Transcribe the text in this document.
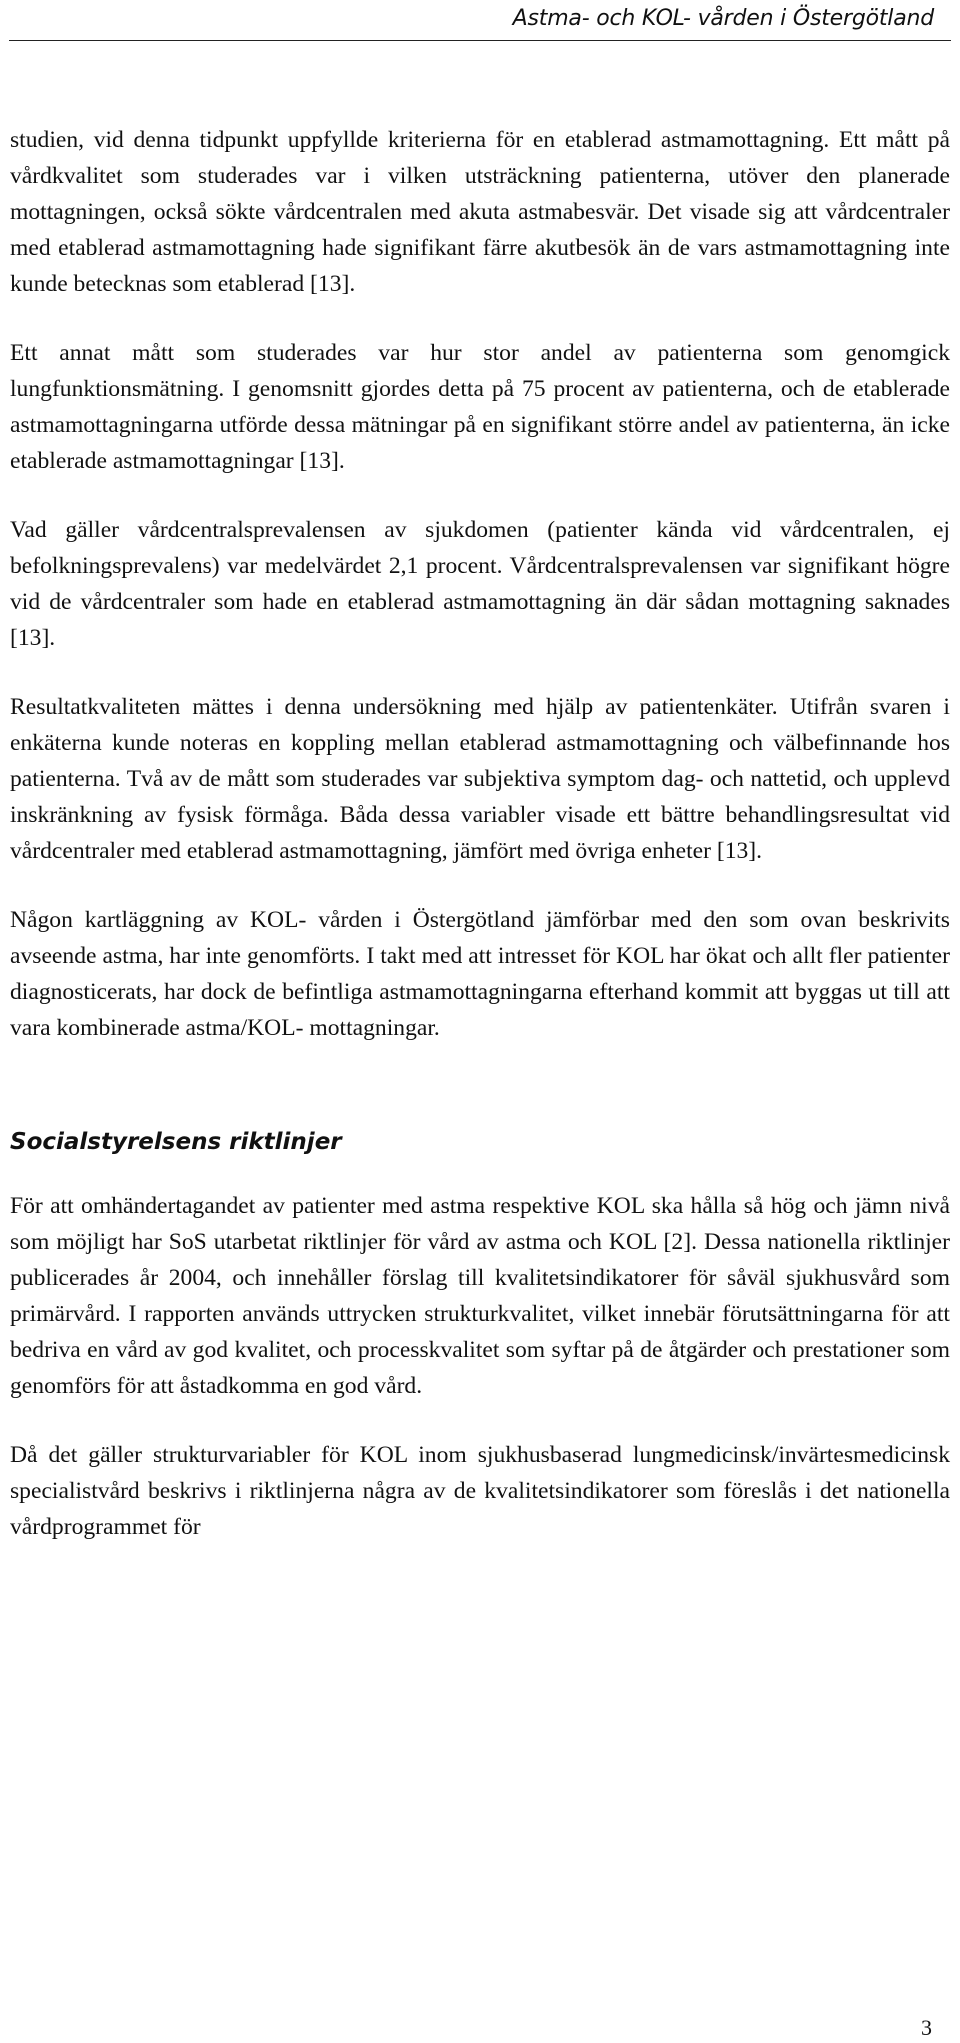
Astma- och KOL- vården i Östergötland

studien, vid denna tidpunkt uppfyllde kriterierna för en etablerad astmamottagning. Ett mått på vårdkvalitet som studerades var i vilken utsträckning patienterna, utöver den planerade mottagningen, också sökte vårdcentralen med akuta astmabesvär. Det visade sig att vårdcentraler med etablerad astmamottagning hade signifikant färre akutbesök än de vars astmamottagning inte kunde betecknas som etablerad [13].

Ett annat mått som studerades var hur stor andel av patienterna som genomgick lungfunktionsmätning. I genomsnitt gjordes detta på 75 procent av patienterna, och de etablerade astmamottagningarna utförde dessa mätningar på en signifikant större andel av patienterna, än icke etablerade astmamottagningar [13].

Vad gäller vårdcentralsprevalensen av sjukdomen (patienter kända vid vårdcentralen, ej befolkningsprevalens) var medelvärdet 2,1 procent. Vårdcentralsprevalensen var signifikant högre vid de vårdcentraler som hade en etablerad astmamottagning än där sådan mottagning saknades [13].

Resultatkvaliteten mättes i denna undersökning med hjälp av patientenkäter. Utifrån svaren i enkäterna kunde noteras en koppling mellan etablerad astmamottagning och välbefinnande hos patienterna. Två av de mått som studerades var subjektiva symptom dag- och nattetid, och upplevd inskränkning av fysisk förmåga. Båda dessa variabler visade ett bättre behandlingsresultat vid vårdcentraler med etablerad astmamottagning, jämfört med övriga enheter [13].

Någon kartläggning av KOL- vården i Östergötland jämförbar med den som ovan beskrivits avseende astma, har inte genomförts. I takt med att intresset för KOL har ökat och allt fler patienter diagnosticerats, har dock de befintliga astmamottagningarna efterhand kommit att byggas ut till att vara kombinerade astma/KOL- mottagningar.

Socialstyrelsens riktlinjer

För att omhändertagandet av patienter med astma respektive KOL ska hålla så hög och jämn nivå som möjligt har SoS utarbetat riktlinjer för vård av astma och KOL [2]. Dessa nationella riktlinjer publicerades år 2004, och innehåller förslag till kvalitetsindikatorer för såväl sjukhusvård som primärvård. I rapporten används uttrycken strukturkvalitet, vilket innebär förutsättningarna för att bedriva en vård av god kvalitet, och processkvalitet som syftar på de åtgärder och prestationer som genomförs för att åstadkomma en god vård.

Då det gäller strukturvariabler för KOL inom sjukhusbaserad lungmedicinsk/invärtesmedicinsk specialistvård beskrivs i riktlinjerna några av de kvalitetsindikatorer som föreslås i det nationella vårdprogrammet för

3
